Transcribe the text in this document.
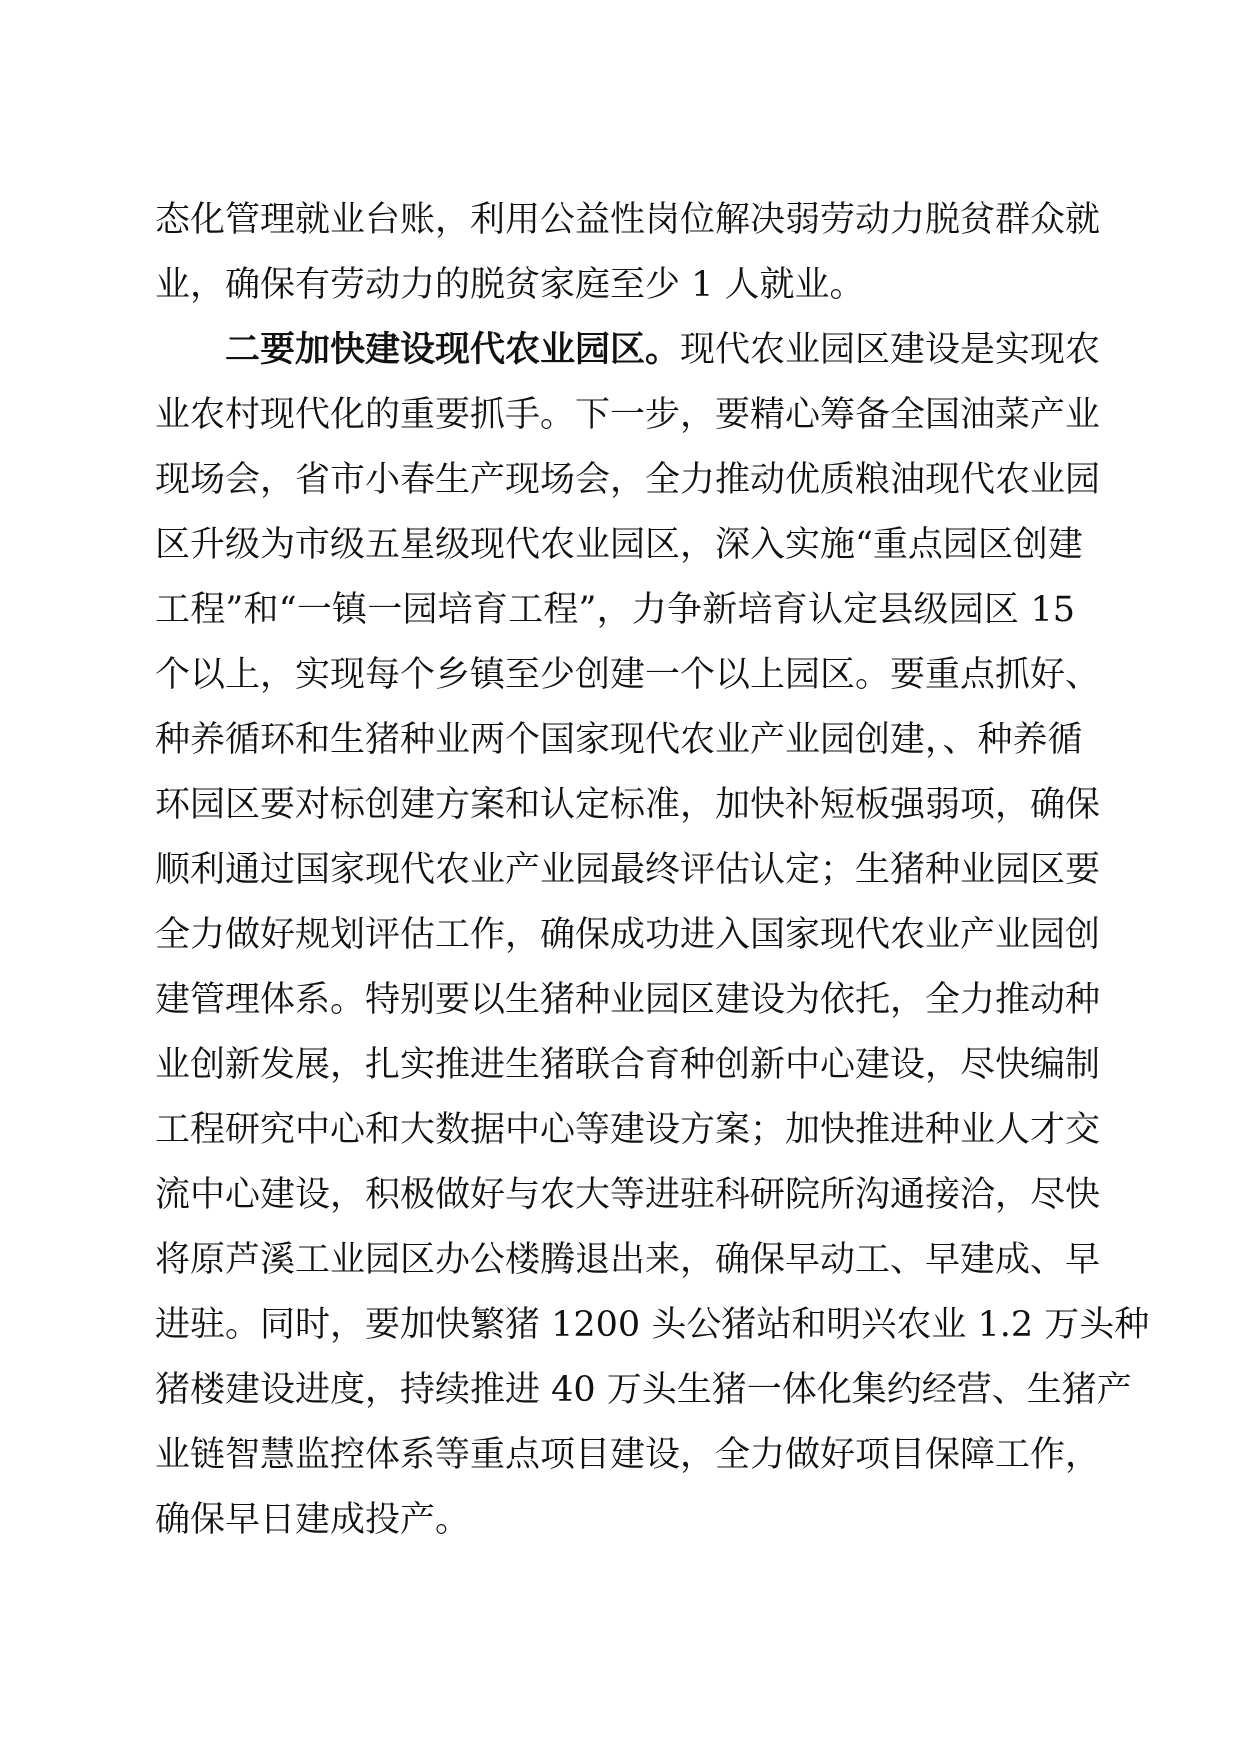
态化管理就业台账，利用公益性岗位解决弱劳动力脱贫群众就
业，确保有劳动力的脱贫家庭至少 1 人就业。
二要加快建设现代农业园区。现代农业园区建设是实现农
业农村现代化的重要抓手。下一步，要精心筹备全国油菜产业
现场会，省市小春生产现场会，全力推动优质粮油现代农业园
区升级为市级五星级现代农业园区，深入实施“重点园区创建
工程”和“一镇一园培育工程”，力争新培育认定县级园区 15
个以上，实现每个乡镇至少创建一个以上园区。要重点抓好、
种养循环和生猪种业两个国家现代农业产业园创建，、种养循
环园区要对标创建方案和认定标准，加快补短板强弱项，确保
顺利通过国家现代农业产业园最终评估认定；生猪种业园区要
全力做好规划评估工作，确保成功进入国家现代农业产业园创
建管理体系。特别要以生猪种业园区建设为依托，全力推动种
业创新发展，扎实推进生猪联合育种创新中心建设，尽快编制
工程研究中心和大数据中心等建设方案；加快推进种业人才交
流中心建设，积极做好与农大等进驻科研院所沟通接洽，尽快
将原芦溪工业园区办公楼腾退出来，确保早动工、早建成、早
进驻。同时，要加快繁猪 1200 头公猪站和明兴农业 1.2 万头种
猪楼建设进度，持续推进 40 万头生猪一体化集约经营、生猪产
业链智慧监控体系等重点项目建设，全力做好项目保障工作，
确保早日建成投产。
